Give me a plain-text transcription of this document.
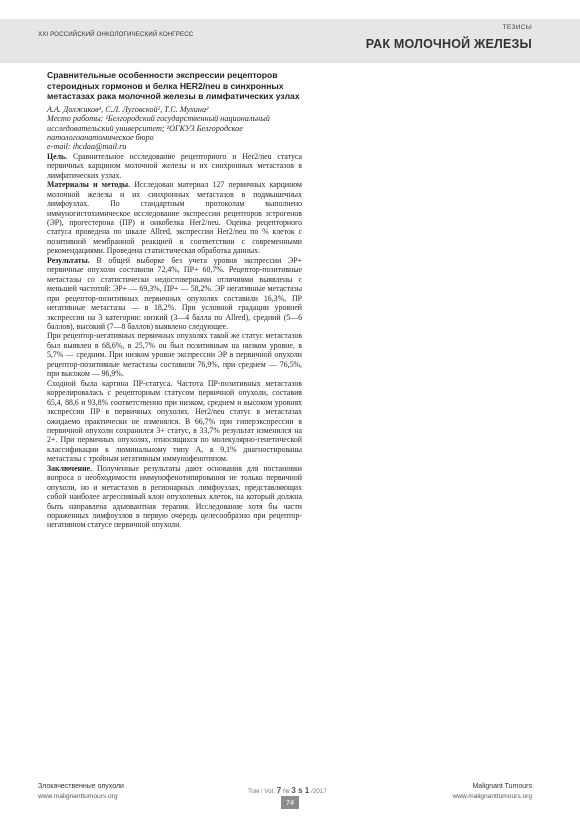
XXI РОССИЙСКИЙ ОНКОЛОГИЧЕСКИЙ КОНГРЕСС
ТЕЗИСЫ
РАК МОЛОЧНОЙ ЖЕЛЕЗЫ

Сравнительные особенности экспрессии рецепторов стероидных гормонов и белка HER2/neu в синхронных метастазах рака молочной железы в лимфатических узлах

А.А. Должиков¹, С.Л. Луговской², Т.С. Мухина²

Место работы: ¹Белгородский государственный национальный исследовательский университет; ²ОГКУЗ Белгородское патологоанатомическое бюро

e-mail: ihcdaa@mail.ru

Цель. Сравнительное исследование рецепторного и Her2/neu статуса первичных карцином молочной железы и их синхронных метастазов в лимфатических узлах.

Материалы и методы. Исследован материал 127 первичных карцином молочной железы и их синхронных метастазов в подмышечных лимфоузлах. По стандартным протоколам выполнено иммуногистохимическое исследование экспрессии рецепторов эстрогенов (ЭР), прогестерона (ПР) и онкобелка Her2/neu. Оценка рецепторного статуса проведена по шкале Allred, экспрессии Her2/neu по % клеток с позитивной мембранной реакцией в соответствии с современными рекомендациями. Проведена статистическая обработка данных.

Результаты. В общей выборке без учета уровня экспрессии ЭР+ первичные опухоли составили 72,4%, ПР+ 60,7%. Рецептор-позитивные метастазы со статистически недостоверными отличиями выявлены с меньшей частотой: ЭР+ — 69,3%, ПР+ — 58,2%. ЭР негативные метастазы при рецептор-позитивных первичных опухолях составили 16,3%, ПР негативные метастазы — в 18,2%. При условной градации уровней экспрессии на 3 категории: низкий (3—4 балла по Allred), средний (5—6 баллов), высокий (7—8 баллов) выявлено следующее.

При рецептор-негативных первичных опухолях такой же статус метастазов был выявлен в 68,6%, в 25,7% он был позитивным на низком уровне, в 5,7% — средним. При низком уровне экспрессии ЭР в первичной опухоли рецептор-позитивные метастазы составили 76,9%, при среднем — 76,5%, при высоком — 96,9%.

Сходной была картина ПР-статуса. Частота ПР-позитивных метастазов коррелировалась с рецепторным статусом первичной опухоли, составив 65,4, 88,6 и 93,8% соответственно при низком, среднем и высоком уровнях экспрессии ПР в первичных опухолях. Her2/neu статус в метастазах ожидаемо практически не изменялся. В 66,7% при гиперэкспрессии в первичной опухоли сохранился 3+ статус, в 33,7% результат изменился на 2+. При первичных опухолях, относящихся по молекулярно-генетической классификации к люминальному типу А, в 9,1% диагностированы метастазы с тройным негативным иммунофенотипом.

Заключение. Полученные результаты дают основания для постановки вопроса о необходимости иммунофенотипирования не только первичной опухоли, но и метастазов в регионарных лимфоузлах, представляющих собой наиболее агрессивный клон опухолевых клеток, на который должна быть направлена адъювантная терапия. Исследование хотя бы части пораженных лимфоузлов в первую очередь целесообразно при рецептор-негативном статусе первичной опухоли.

Злокачественные опухоли
www.malignanttumours.org
Том / Vol. 7 № 3 s 1 /2017
74
Malignant Tumours
www.malignanttumours.org
